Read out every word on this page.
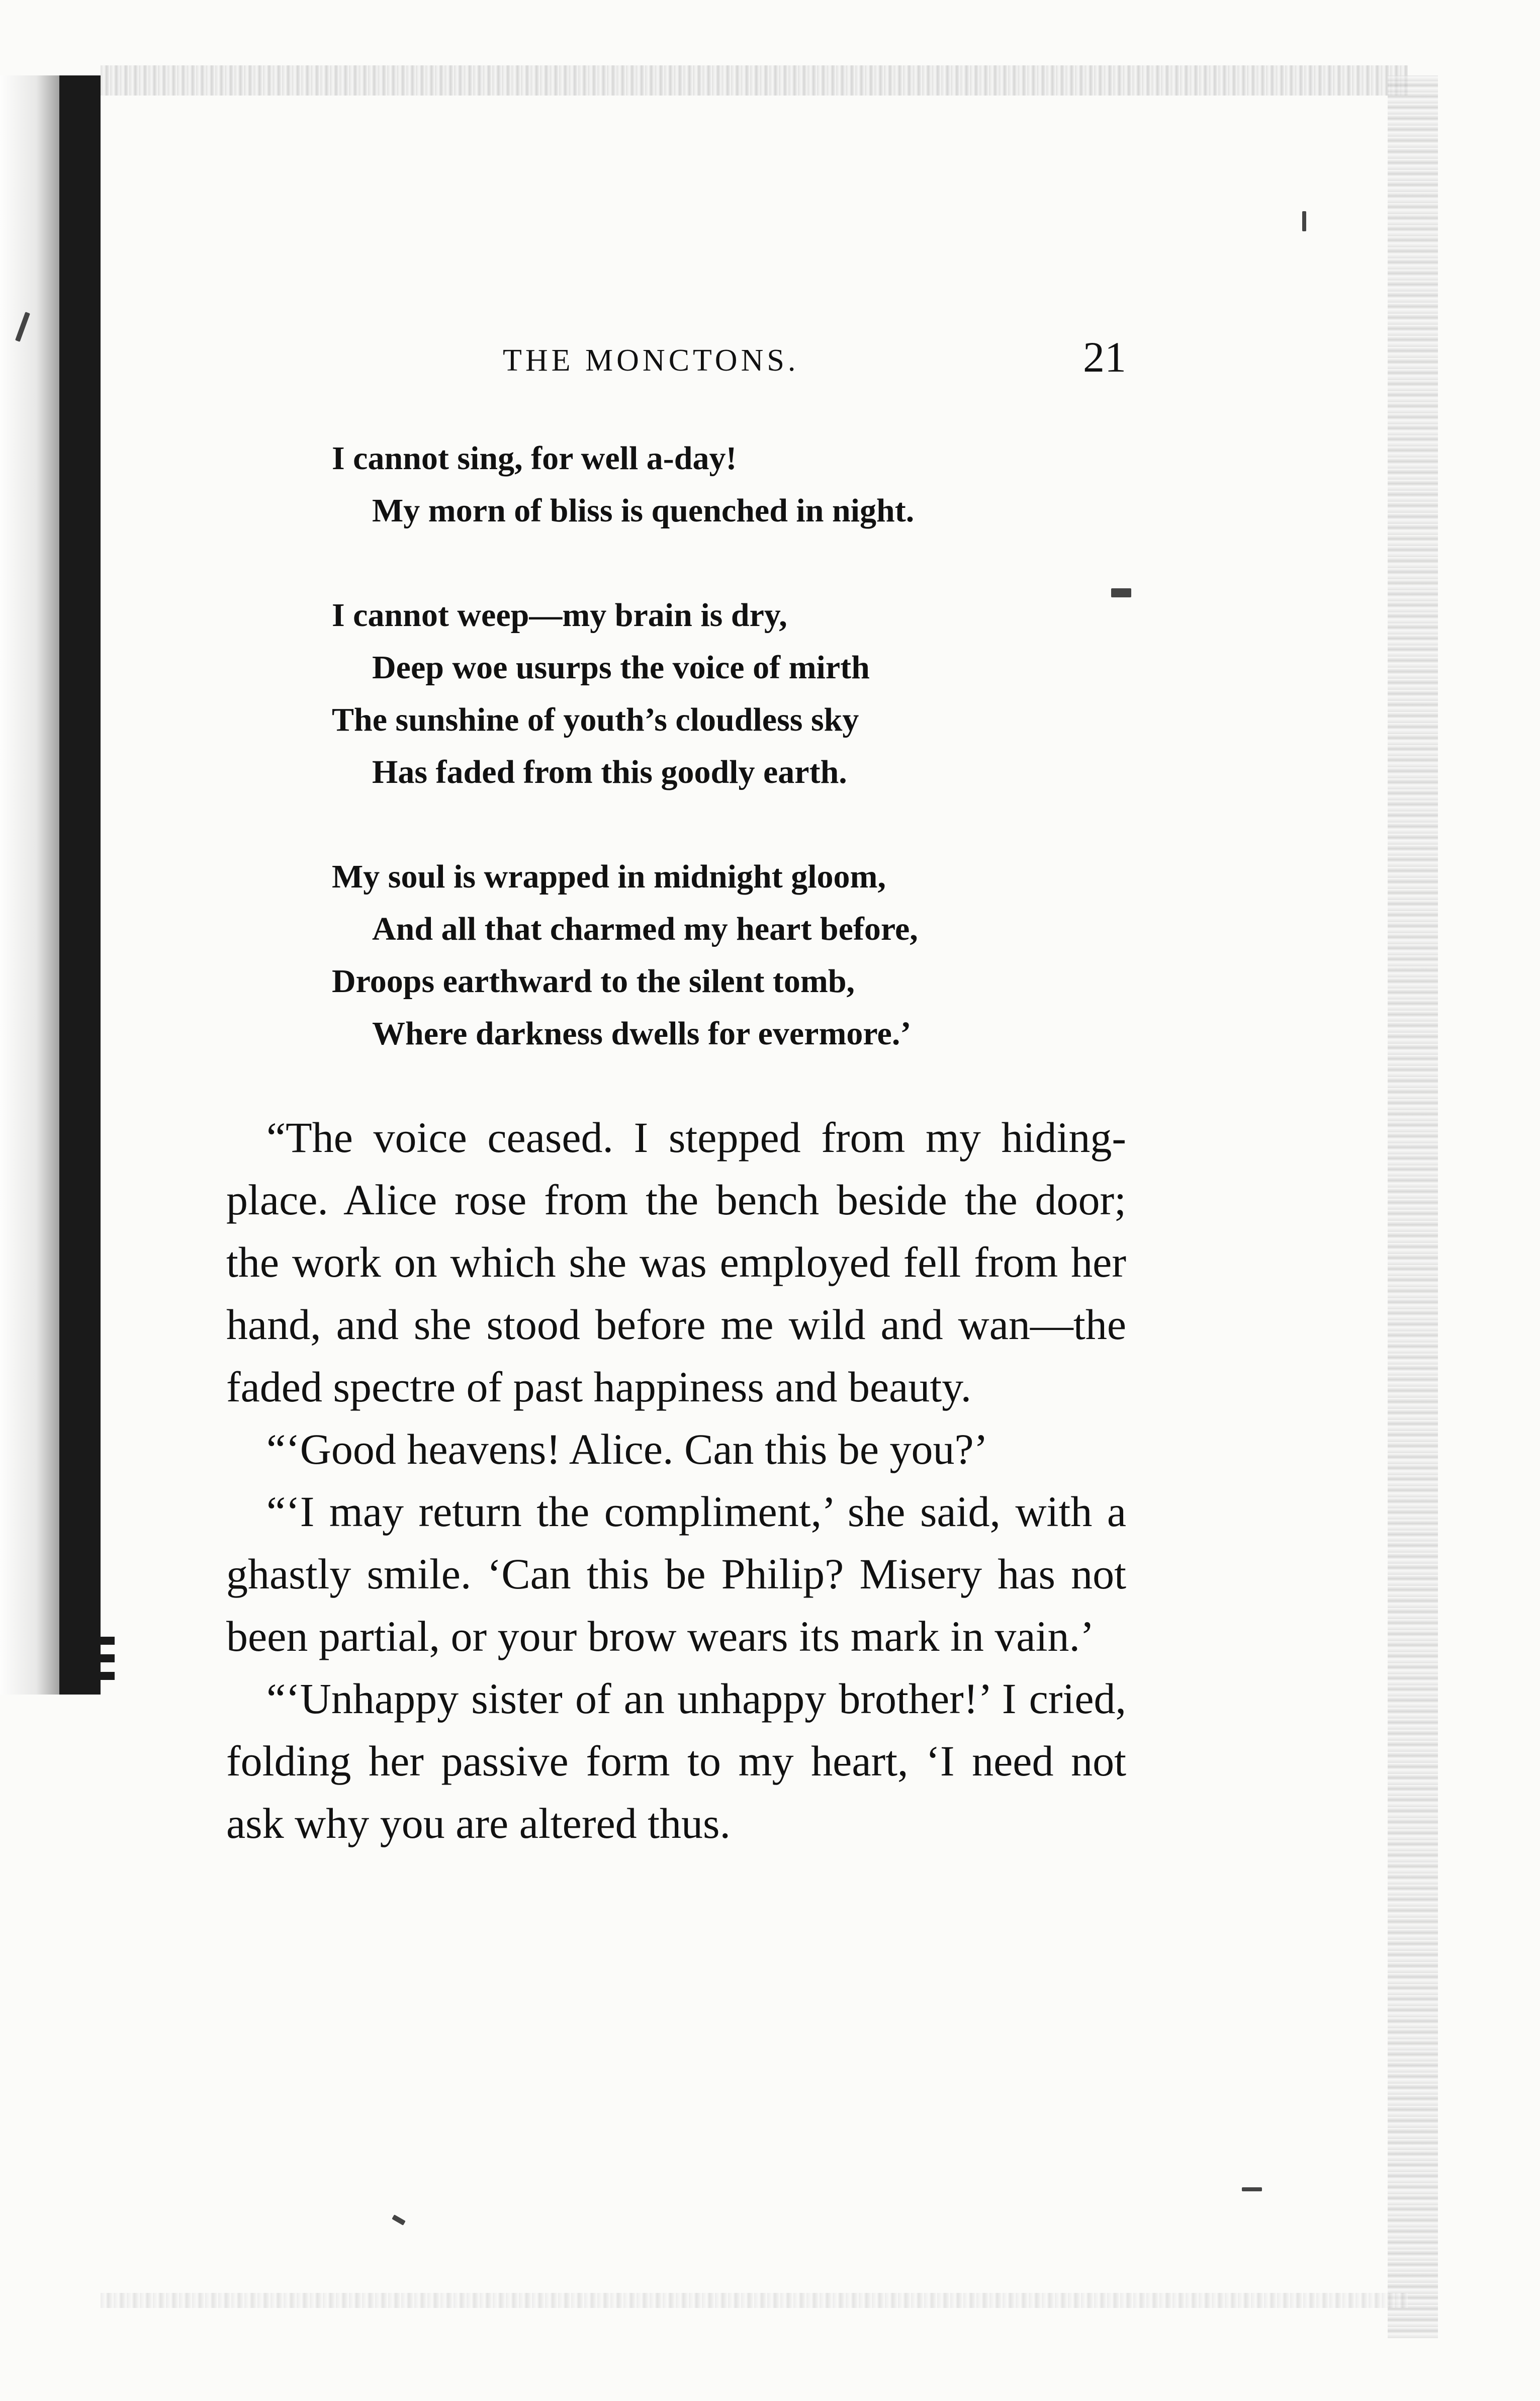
THE MONCTONS.	21
I cannot sing, for well a-day!
My morn of bliss is quenched in night.
I cannot weep—my brain is dry,
Deep woe usurps the voice of mirth
The sunshine of youth’s cloudless sky
Has faded from this goodly earth.
My soul is wrapped in midnight gloom,
And all that charmed my heart before,
Droops earthward to the silent tomb,
Where darkness dwells for evermore.’

“The voice ceased. I stepped from my hiding-place. Alice rose from the bench beside the door; the work on which she was employed fell from her hand, and she stood before me wild and wan—the faded spectre of past happiness and beauty.

“‘Good heavens! Alice. Can this be you?’

“‘I may return the compliment,’ she said, with a ghastly smile. ‘Can this be Philip? Misery has not been partial, or your brow wears its mark in vain.’

“‘Unhappy sister of an unhappy brother!’ I cried, folding her passive form to my heart, ‘I need not ask why you are altered thus.
